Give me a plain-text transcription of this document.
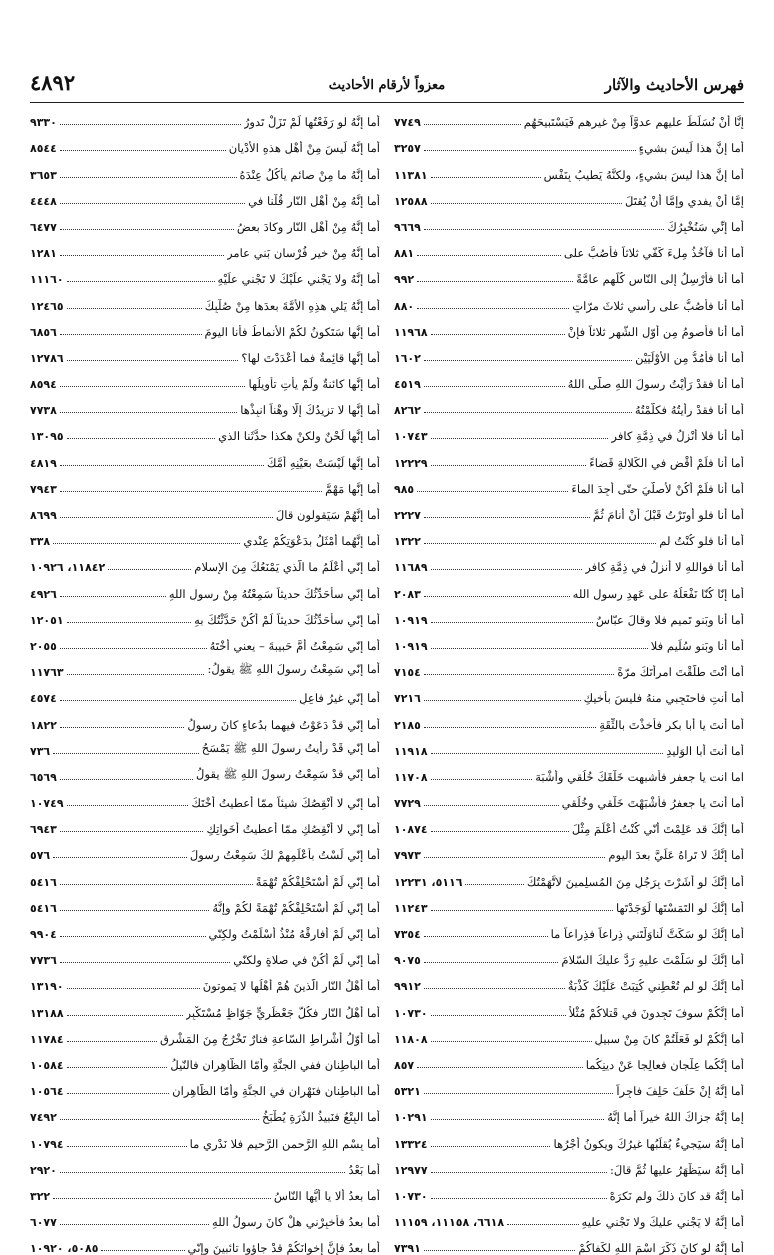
فهرس الأحاديث والآثار
معزواً لأرقام الأحاديث
٤٨٩٢
إنَّا أنْ نُسَلِّطَ عليهم عدوَّاً مِنْ غيرِهم فَيَسْتَبيحَهُم
٧٧٤٩
أما إنَّ هذا لَيسَ بشيءٍ
٣٢٥٧
أما إنَّ هذا ليسَ بشيءٍ، ولكنَّهُ يَطيبُ بِنَفْسٍ
١١٣٨١
إمَّا أنْ يفدي وإمَّا أنْ يُقتَلَ
١٢٥٨٨
أما إنِّي سَنُخْبِرُكَ
٩٦٦٩
أما أنا فآخُذُ مِلءَ كَفّي ثلاثاً فأَصُبُّ على
٨٨١
أما أنا فأُرْسِلُ إلى النّاسِ كُلِّهِم عامَّةً
٩٩٢
أما أنا فأَصُبُّ على رأْسي ثلاثَ مرّاتٍ
٨٨٠
أما أنا فأصومُ مِن أوّلِ الشّهرِ ثلاثاً فإنْ
١١٩٦٨
أما أنا فأمُدُّ مِن الأُوْلَيَيْنِ
١٦٠٢
أما أنا فقدْ رَأَيْتُ رسولَ اللهِ صلّى اللهُ
٤٥١٩
أما أنا فقدْ رأيتُهُ فكلَّمْتُهُ
٨٢٦٢
أما أنا فلا أُنْزِلُ في ذِمَّةِ كافرٍ
١٠٧٤٣
أما أنا فلَمْ أقْضِ في الكَلالةِ قَضاءً
١٢٢٢٩
أما أنا فلَمْ أكُنْ لأُصلّيَ حتّى أجِدَ الماءَ
٩٨٥
أما أنا فلو أوتَرْتُ قَبْلَ أنْ أنامَ ثُمَّ
٢٢٢٧
أما أنا فلو كُنْتُ لم
١٣٢٢
أما أنا فواللهِ لا أُنزِلُ في ذِمَّةِ كافرٍ
١١٦٨٩
أما إنّا كُنّا نَفْعَلُهُ على عَهدِ رسولِ الله
٢٠٨٣
أما أنا وبَنو تَميمٍ فلا وقالَ عبّاسٌ
١٠٩١٩
أما أنا وبَنو سُلَيمٍ فلا
١٠٩١٩
أما أنْتَ طلَّقْتَ امرأتَكَ مرّةً
٧١٥٤
أما أنتِ فاحتَجِبي منهُ فليسَ بأخيكِ
٧٢١٦
أما أنتَ يا أبا بكرٍ فأخذْتَ بالثِّقَةِ
٢١٨٥
أما أنتَ أبا الوَليدِ
١١٩١٨
اما انت يا جعفر فأشبهت خَلْقَكَ خُلُقي وأشْبَهَ
١١٧٠٨
أما أنتَ يا جعفرُ فأشْبَهْتَ خَلْقي وخُلُقي
٧٧٢٩
أما إنَّكَ قد عَلِمْتَ أنّي كُنْتُ أعْلَمَ مِثْلَ
١٠٨٧٤
أما إنَّكَ لا تَراهُ عَلَيَّ بعدَ اليومِ
٧٩٧٣
أما إنَّكَ لو أشَرْتَ بِرَجُلٍ مِنَ المُسلِمينَ لاتَّهَمْتُكَ
٥١١٦، ١٢٢٣١
أما إنَّكَ لو التَمَسْتَها لَوَجَدْتَها
١١٢٤٣
أما إنَّكَ لو سَكَتَّ لَناوَلْتَني ذِراعاً فذِراعاً ما
٧٣٥٤
أما إنَّكَ لو سَلَّمْتَ عليهِ رَدَّ عليكَ السّلامَ
٩٠٧٥
أما إنَّكَ لو لم تُعْطِني كُتِبَتْ عَلَيْكَ كَذْبَةٌ
٩٩١٢
أما إنَّكُمْ سوفَ تَجِدونَ في قَتلاكُمْ مُثْلاً
١٠٧٣٠
أما إنَّكُمْ لو فَعَلْتُمْ كانَ مِنْ سبيلٍ
١١٨٠٨
أما إنَّكُما عِلْجانِ فعالِجا عَنْ دينِكُما
٨٥٧
أما إنَّهُ إنْ حَلَفَ حَلِفَ فاجِراً
٥٣٢١
إما إنَّهُ جزاكَ اللهُ خيراً أما إنَّهُ
١٠٢٩١
أما إنَّهُ سيَجيءُ يُقلِّبُها غيرُكَ ويكونُ أجْرُها
١٣٣٢٤
أما إنَّهُ سيَظْهَرُ عليها ثُمَّ قالَ:
١٢٩٧٧
أما إنَّهُ قد كانَ ذلكَ ولم نَكرَهْ
١٠٧٣٠
أما إنَّهُ لا يَجْني عليكَ ولا تَجْني عليهِ
٦٦١٨، ١١١٥٨، ١١١٥٩
أما إنَّهُ لو كانَ ذَكَرَ اسْمَ اللهِ لكَفاكُمْ
٧٣٩١
أما إنَّهُ لو رَفَعْتُها لَمْ تَزَلْ تَدورُ
٩٣٣٠
أما إنَّهُ لَيسَ مِنْ أهْلِ هذهِ الأدْيانِ
٨٥٤٤
أما إنَّهُ ما مِنْ صائمٍ يأكُلُ عِنْدَهُ
٣٦٥٣
أما إنَّهُ مِنْ أهْلِ النّارِ قُلْنا في
٤٤٤٨
أما إنَّهُ مِنْ أهْلِ النّارِ وكادَ بعضُ
٦٤٧٧
أما إنَّهُ مِنْ خيرِ فُرْسانِ بَني عامرٍ
١٢٨١
أما إنَّهُ ولا يَجْني علَيْكَ لا تَجْني علَيْهِ
١١١٦٠
أما إنَّهُ يَلي هذِهِ الأمَّةَ بعدَها مِنْ صُلْبِكَ
١٢٤٦٥
أما إنَّها سَتَكونُ لكُمْ الأنماطُ فأنا اليومَ
٦٨٥٦
أما إنَّها قائِمةٌ فما أعْدَدْتَ لها؟
١٢٧٨٦
أما إنَّها كائنةٌ ولَمْ يأْتِ تأويلُها
٨٥٩٤
أما إنَّها لا تزيدُكَ إلّا وهْناً انبِذْها
٧٧٣٨
أما إنَّها لَحْنٌ ولكنْ هكذا حدَّثَنا الذي
١٣٠٩٥
أما إنَّها لَيْسَتْ بعَيْنِهِ أمَّكَ
٤٨١٩
أما إنَّها مَهْمَّ
٧٩٤٣
أما إنَّهُمْ سَيَقولون قالَ
٨٦٩٩
أما إنَّهُما أمْثَلُ بدَعْوَتِكُمْ عِنْدي
٣٣٨
أما إنّي أعْلَمُ ما الّذي يَمْنَعُكَ مِنَ الإسلامِ
١١٨٤٢، ١٠٩٢٦
أما إنّي سأحَدِّثُكَ حديثاً سَمِعْتُهُ مِنْ رسولِ اللهِ
٤٩٢٦
أما إنّي سأحَدِّثُكَ حديثاً لَمْ أكُنْ حَدَّثْتُكَ بهِ
١٢٠٥١
أما إنّي سَمِعْتُ أمَّ حَبيبةَ – يعني أُخْتَهُ
٢٠٥٥
أما إنّي سَمِعْتُ رسولَ اللهِ ﷺ يقولُ:
١١٧٦٣
أما إنّي غيرُ فاعِلٍ
٤٥٧٤
أما إنّي قدْ دَعَوْتُ فيهِما بدُعاءٍ كانَ رسولُ
١٨٢٢
أما إنّي قَدْ رأيتُ رسولَ اللهِ ﷺ يَمْسَحُ
٧٣٦
أما إنّي قدْ سَمِعْتُ رسولَ اللهِ ﷺ يقولُ
٦٥٦٩
أما إنّي لا أُنْقِصُكَ شيئاً ممّا أعطيتُ أُخْتَكَ
١٠٧٤٩
أما إنّي لا أُنْقِصُكِ ممّا أعطيتُ أخَواتِكِ
٦٩٤٣
أما إنّي لَسْتُ بأعْلَمِهِمْ لكَ سَمِعْتُ رسولَ
٥٧٦
أما إنّي لَمْ أسْتَحْلِفْكُمْ تُهْمَةً
٥٤١٦
أما إنّي لَمْ أسْتَحْلِفْكُمْ تُهْمَةً لكُمْ وإنَّهُ
٥٤١٦
أما إنّي لَمْ أُفارِقْهُ مُنْذُ أسْلَمْتُ ولكِنّي
٩٩٠٤
أما إنّي لَمْ أكُنْ في صلاةٍ ولكنّي
٧٧٣٦
أما أهْلُ النّارِ الّذينَ هُمْ أهْلُها لا يَموتونَ
١٣١٩٠
أما أهْلُ النّارِ فكُلُّ جَعْظَرِيٍّ جَوّاظٍ مُسْتَكْبِرٍ
١٣١٨٨
أما أوّلُ أشْراطِ السّاعةِ فنارٌ تَخْرُجُ مِنَ المَشْرِقِ
١١٧٨٤
أما الباطِنانِ ففي الجنَّةِ وأمّا الظّاهِرانِ فالنّيلُ
١٠٥٨٤
أما الباطِنانِ فنَهْرانِ في الجنَّةِ وأمّا الظّاهِرانِ
١٠٥٦٤
أما البِتْعُ فنَبيذُ الذُّرَةِ يُطْبَخُ
٧٤٩٢
أما بِسْمِ اللهِ الرَّحمنِ الرَّحيمِ فلا نَدْري ما
١٠٧٩٤
أما بَعْدُ
٢٩٢٠
أما بعدُ ألا يا أيُّها النّاسُ
٣٢٢
أما بعدُ فأخبِرْني هلْ كانَ رسولُ اللهِ
٦٠٧٧
أما بعدُ فإنَّ إخوانَكُمْ قدْ جاؤوا تائبينَ وإنّي
٥٠٨٥، ١٠٩٢٠
